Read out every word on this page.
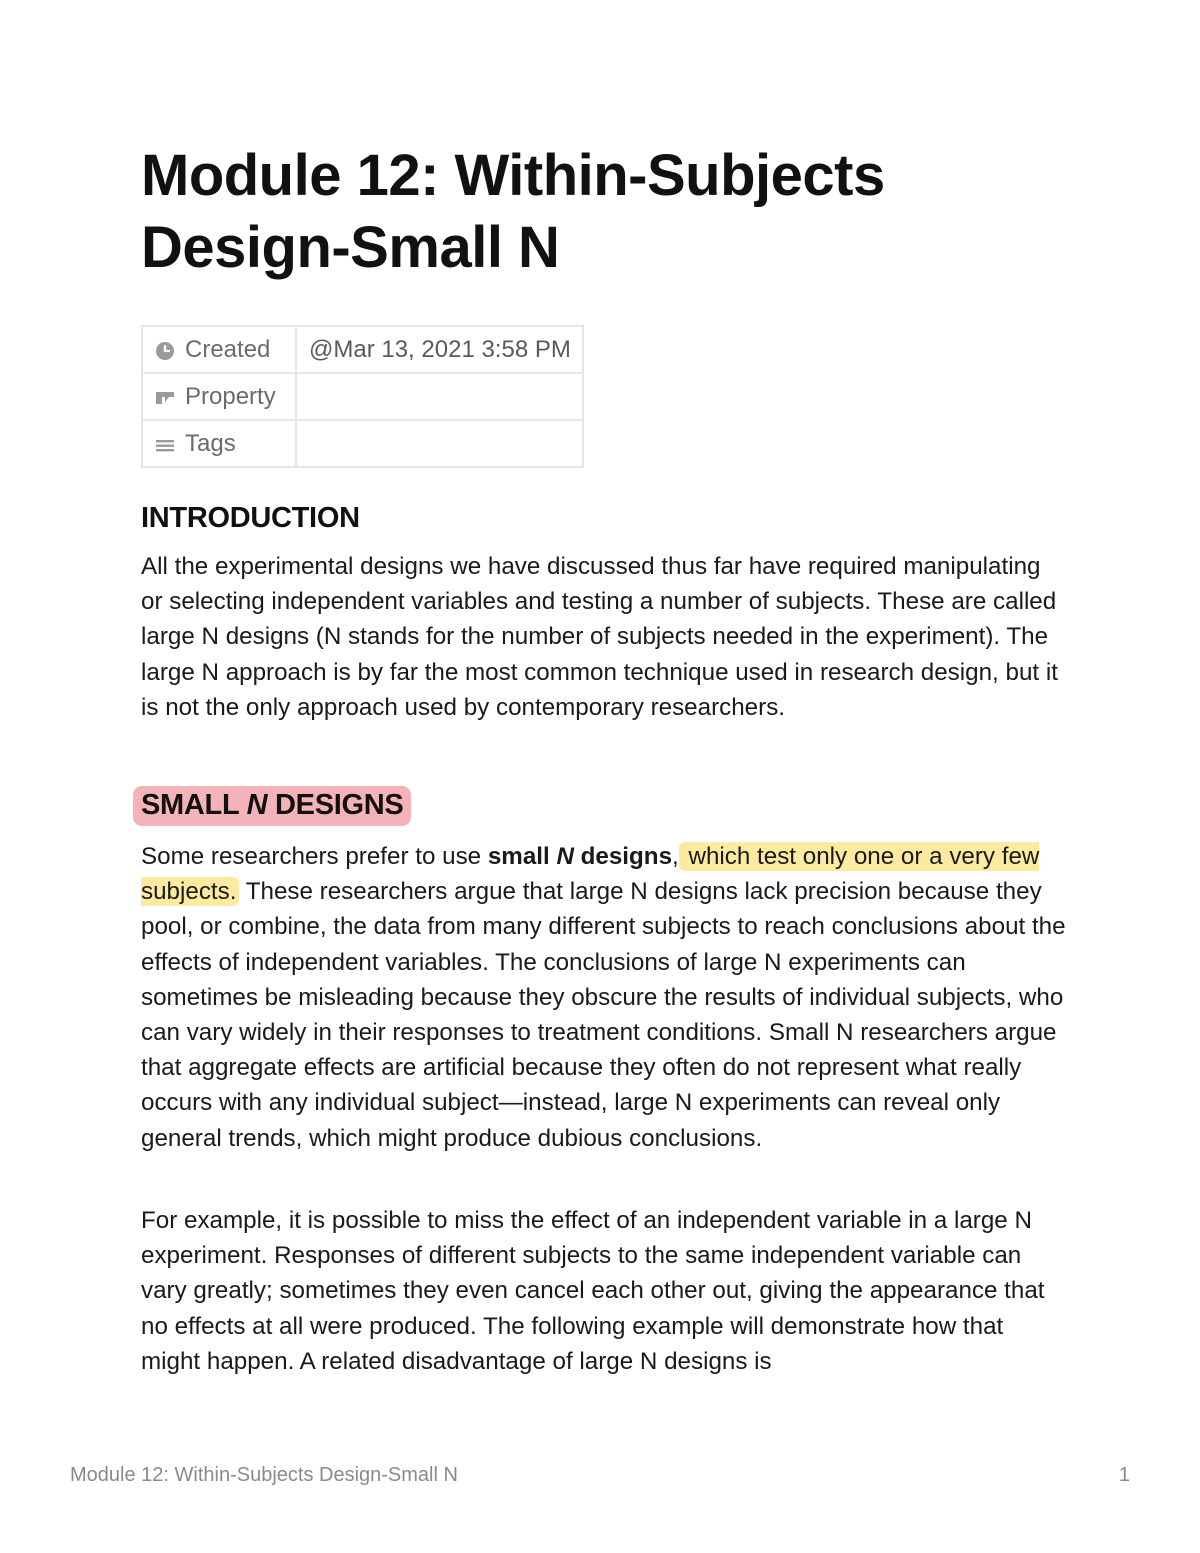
Module 12: Within-Subjects Design-Small N
Created	@Mar 13, 2021 3:58 PM

Property	

Tags	

INTRODUCTION

All the experimental designs we have discussed thus far have required manipulating or selecting independent variables and testing a number of subjects. These are called large N designs (N stands for the number of subjects needed in the experiment). The large N approach is by far the most common technique used in research design, but it is not the only approach used by contemporary researchers.

SMALL N DESIGNS

Some researchers prefer to use small N designs, which test only one or a very few subjects. These researchers argue that large N designs lack precision because they pool, or combine, the data from many different subjects to reach conclusions about the effects of independent variables. The conclusions of large N experiments can sometimes be misleading because they obscure the results of individual subjects, who can vary widely in their responses to treatment conditions. Small N researchers argue that aggregate effects are artificial because they often do not represent what really occurs with any individual subject—instead, large N experiments can reveal only general trends, which might produce dubious conclusions.

For example, it is possible to miss the effect of an independent variable in a large N experiment. Responses of different subjects to the same independent variable can vary greatly; sometimes they even cancel each other out, giving the appearance that no effects at all were produced. The following example will demonstrate how that might happen. A related disadvantage of large N designs is

Module 12: Within-Subjects Design-Small N	1
